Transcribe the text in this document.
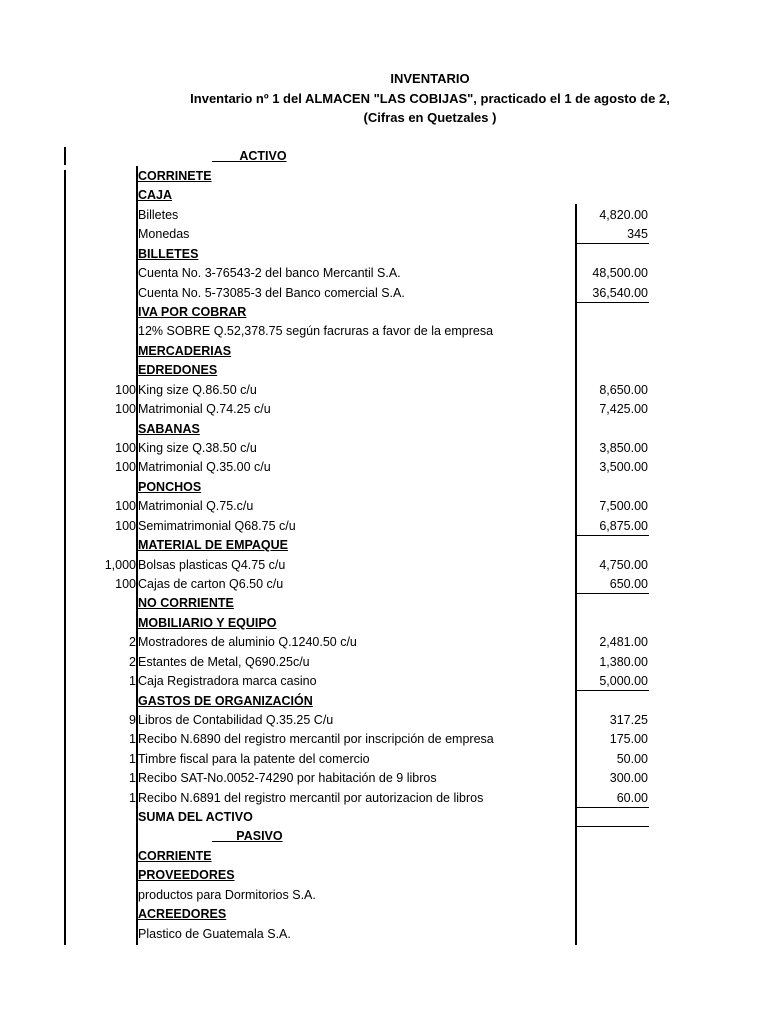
INVENTARIO
Inventario nº 1 del ALMACEN "LAS COBIJAS", practicado el 1 de agosto de 2,
(Cifras en Quetzales )
ACTIVO
PASIVO
CORRINETE
CAJA
Billetes	4,820.00
Monedas	345
BILLETES
Cuenta No. 3-76543-2 del banco Mercantil S.A.	48,500.00
Cuenta No. 5-73085-3 del Banco comercial S.A.	36,540.00
IVA POR COBRAR
12% SOBRE Q.52,378.75 según facruras a favor de la empresa
MERCADERIAS
EDREDONES
100 King size Q.86.50 c/u	8,650.00
100 Matrimonial Q.74.25 c/u	7,425.00
SABANAS
100 King size Q.38.50 c/u	3,850.00
100 Matrimonial Q.35.00 c/u	3,500.00
PONCHOS
100 Matrimonial Q.75.c/u	7,500.00
100 Semimatrimonial Q68.75 c/u	6,875.00
MATERIAL DE EMPAQUE
1,000 Bolsas plasticas Q4.75 c/u	4,750.00
100 Cajas de carton Q6.50 c/u	650.00
NO CORRIENTE
MOBILIARIO Y EQUIPO
2 Mostradores de aluminio Q.1240.50 c/u	2,481.00
2 Estantes de Metal, Q690.25c/u	1,380.00
1 Caja Registradora marca casino	5,000.00
GASTOS DE ORGANIZACIÓN
9 Libros de Contabilidad Q.35.25 C/u	317.25
1 Recibo N.6890 del registro mercantil por inscripción de empresa	175.00
1 Timbre fiscal para la patente del comercio	50.00
1 Recibo SAT-No.0052-74290 por habitación de 9 libros	300.00
1 Recibo N.6891 del registro mercantil por autorizacion de libros	60.00
SUMA DEL ACTIVO
CORRIENTE
PROVEEDORES
productos para Dormitorios S.A.
ACREEDORES
Plastico de Guatemala S.A.
